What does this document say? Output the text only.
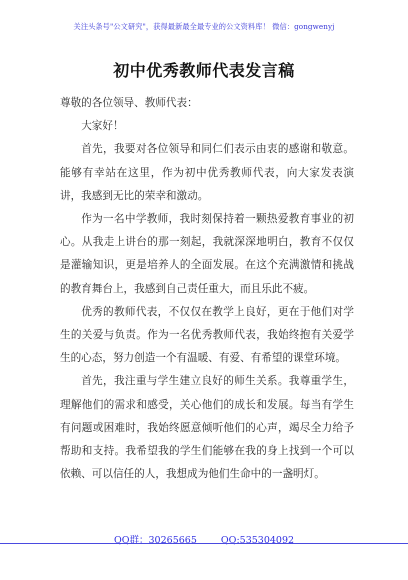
关注头条号"公文研究"，获得最新最全最专业的公文资料库！ 微信：gongwenyj
初中优秀教师代表发言稿

尊敬的各位领导、教师代表：

大家好！

首先，我要对各位领导和同仁们表示由衷的感谢和敬意。能够有幸站在这里，作为初中优秀教师代表，向大家发表演讲，我感到无比的荣幸和激动。

作为一名中学教师，我时刻保持着一颗热爱教育事业的初心。从我走上讲台的那一刻起，我就深深地明白，教育不仅仅是灌输知识，更是培养人的全面发展。在这个充满激情和挑战的教育舞台上，我感到自己责任重大，而且乐此不疲。

优秀的教师代表，不仅仅在教学上良好，更在于他们对学生的关爱与负责。作为一名优秀教师代表，我始终抱有关爱学生的心态，努力创造一个有温暖、有爱、有希望的课堂环境。

首先，我注重与学生建立良好的师生关系。我尊重学生，理解他们的需求和感受，关心他们的成长和发展。每当有学生有问题或困难时，我始终愿意倾听他们的心声，竭尽全力给予帮助和支持。我希望我的学生们能够在我的身上找到一个可以依赖、可以信任的人，我想成为他们生命中的一盏明灯。

QQ群：30265665	QQ:535304092
